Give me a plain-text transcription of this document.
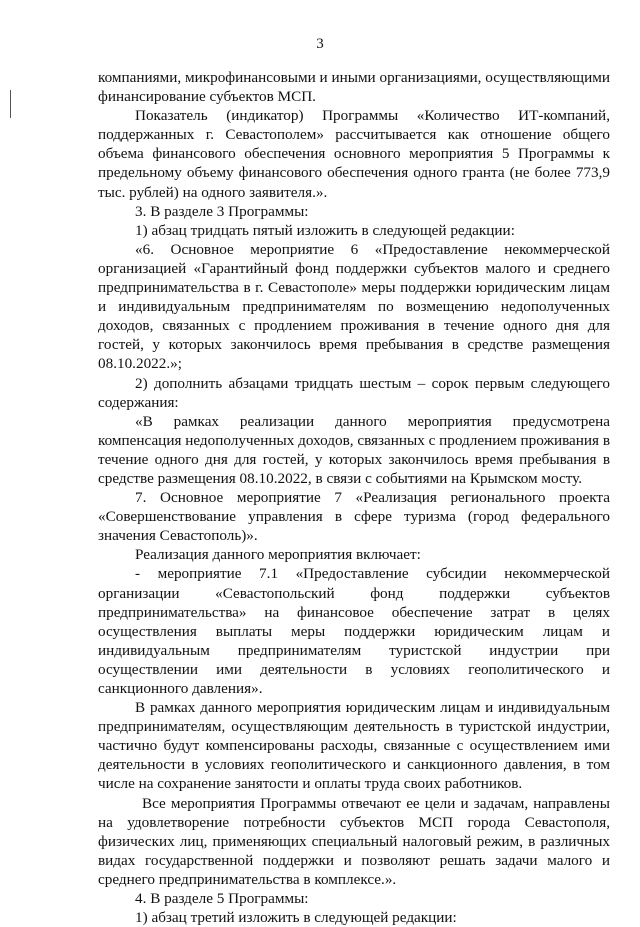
3

компаниями, микрофинансовыми и иными организациями, осуществляющими финансирование субъектов МСП.

Показатель (индикатор) Программы «Количество ИТ-компаний, поддержанных г. Севастополем» рассчитывается как отношение общего объема финансового обеспечения основного мероприятия 5 Программы к предельному объему финансового обеспечения одного гранта (не более 773,9 тыс. рублей) на одного заявителя.».

3. В разделе 3 Программы:

1) абзац тридцать пятый изложить в следующей редакции:

«6. Основное мероприятие 6 «Предоставление некоммерческой организацией «Гарантийный фонд поддержки субъектов малого и среднего предпринимательства в г. Севастополе» меры поддержки юридическим лицам и индивидуальным предпринимателям по возмещению недополученных доходов, связанных с продлением проживания в течение одного дня для гостей, у которых закончилось время пребывания в средстве размещения 08.10.2022.»;

2) дополнить абзацами тридцать шестым – сорок первым следующего содержания:

«В рамках реализации данного мероприятия предусмотрена компенсация недополученных доходов, связанных с продлением проживания в течение одного дня для гостей, у которых закончилось время пребывания в средстве размещения 08.10.2022, в связи с событиями на Крымском мосту.

7. Основное мероприятие 7 «Реализация регионального проекта «Совершенствование управления в сфере туризма (город федерального значения Севастополь)».

Реализация данного мероприятия включает:

- мероприятие 7.1 «Предоставление субсидии некоммерческой организации «Севастопольский фонд поддержки субъектов предпринимательства» на финансовое обеспечение затрат в целях осуществления выплаты меры поддержки юридическим лицам и индивидуальным предпринимателям туристской индустрии при осуществлении ими деятельности в условиях геополитического и санкционного давления».

В рамках данного мероприятия юридическим лицам и индивидуальным предпринимателям, осуществляющим деятельность в туристской индустрии, частично будут компенсированы расходы, связанные с осуществлением ими деятельности в условиях геополитического и санкционного давления, в том числе на сохранение занятости и оплаты труда своих работников.

Все мероприятия Программы отвечают ее цели и задачам, направлены на удовлетворение потребности субъектов МСП города Севастополя, физических лиц, применяющих специальный налоговый режим, в различных видах государственной поддержки и позволяют решать задачи малого и среднего предпринимательства в комплексе.».

4. В разделе 5 Программы:

1) абзац третий изложить в следующей редакции:
